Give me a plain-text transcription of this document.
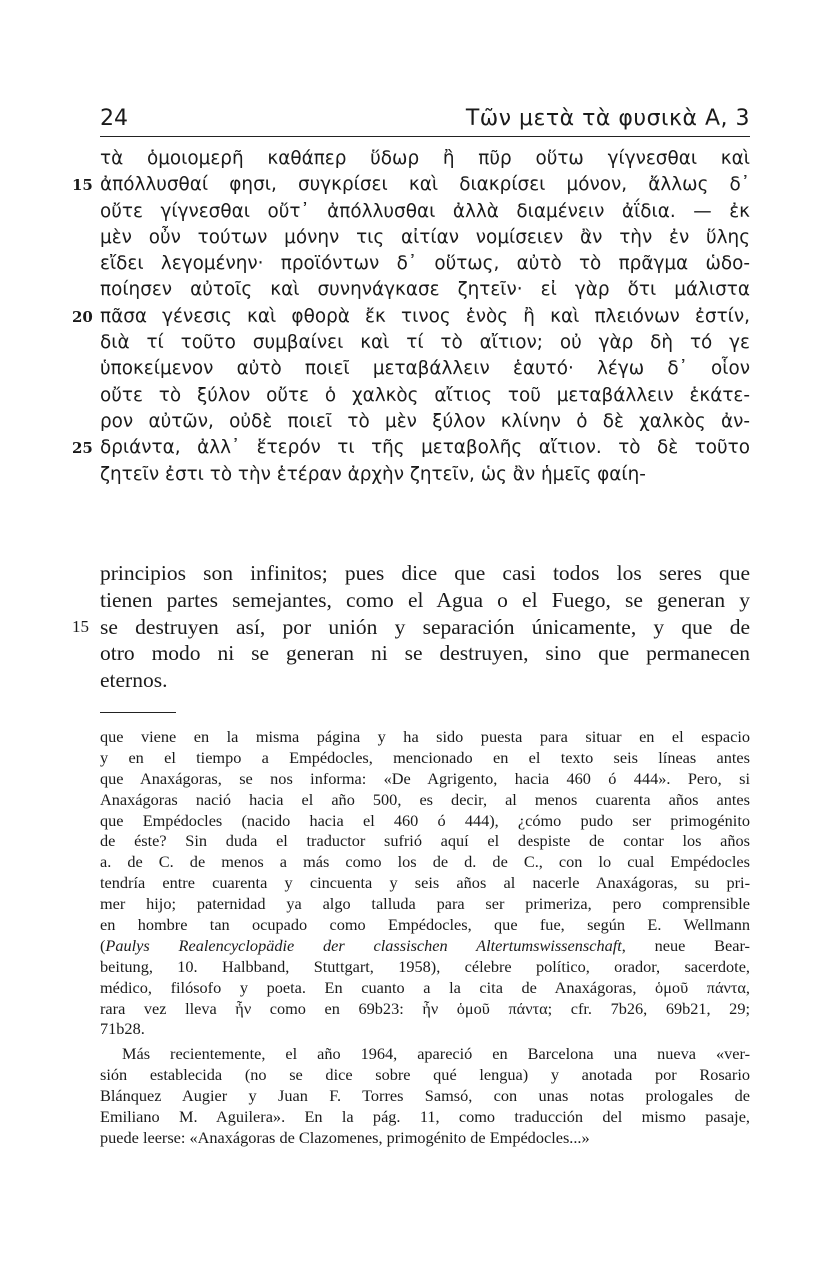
24	Τῶν μετὰ τὰ φυσικὰ Α, 3
τὰ ὁμοιομερῆ καθάπερ ὕδωρ ἢ πῦρ οὕτω γίγνεσθαι καὶ
15 ἀπόλλυσθαί φησι, συγκρίσει καὶ διακρίσει μόνον, ἄλλως δ᾽
οὔτε γίγνεσθαι οὔτ᾽ ἀπόλλυσθαι ἀλλὰ διαμένειν ἀΐδια. — ἐκ
μὲν οὖν τούτων μόνην τις αἰτίαν νομίσειεν ἂν τὴν ἐν ὕλης
εἴδει λεγομένην· προϊόντων δ᾽ οὕτως, αὐτὸ τὸ πρᾶγμα ὡδο-
ποίησεν αὐτοῖς καὶ συνηνάγκασε ζητεῖν· εἰ γὰρ ὅτι μάλιστα
20 πᾶσα γένεσις καὶ φθορὰ ἔκ τινος ἑνὸς ἢ καὶ πλειόνων ἐστίν,
διὰ τί τοῦτο συμβαίνει καὶ τί τὸ αἴτιον; οὐ γὰρ δὴ τό γε
ὑποκείμενον αὐτὸ ποιεῖ μεταβάλλειν ἑαυτό· λέγω δ᾽ οἷον
οὔτε τὸ ξύλον οὔτε ὁ χαλκὸς αἴτιος τοῦ μεταβάλλειν ἑκάτε-
ρον αὐτῶν, οὐδὲ ποιεῖ τὸ μὲν ξύλον κλίνην ὁ δὲ χαλκὸς ἀν-
25 δριάντα, ἀλλ᾽ ἕτερόν τι τῆς μεταβολῆς αἴτιον. τὸ δὲ τοῦτο
ζητεῖν ἐστι τὸ τὴν ἑτέραν ἀρχὴν ζητεῖν, ὡς ἂν ἡμεῖς φαίη-
principios son infinitos; pues dice que casi todos los seres que
tienen partes semejantes, como el Agua o el Fuego, se generan y
15 se destruyen así, por unión y separación únicamente, y que de
otro modo ni se generan ni se destruyen, sino que permanecen
eternos.
que viene en la misma página y ha sido puesta para situar en el espacio
y en el tiempo a Empédocles, mencionado en el texto seis líneas antes
que Anaxágoras, se nos informa: «De Agrigento, hacia 460 ó 444». Pero, si
Anaxágoras nació hacia el año 500, es decir, al menos cuarenta años antes
que Empédocles (nacido hacia el 460 ó 444), ¿cómo pudo ser primogénito
de éste? Sin duda el traductor sufrió aquí el despiste de contar los años
a. de C. de menos a más como los de d. de C., con lo cual Empédocles
tendría entre cuarenta y cincuenta y seis años al nacerle Anaxágoras, su pri-
mer hijo; paternidad ya algo talluda para ser primeriza, pero comprensible
en hombre tan ocupado como Empédocles, que fue, según E. Wellmann
(Paulys Realencyclopädie der classischen Altertumswissenschaft, neue Bear-
beitung, 10. Halbband, Stuttgart, 1958), célebre político, orador, sacerdote,
médico, filósofo y poeta. En cuanto a la cita de Anaxágoras, ὁμοῦ πάντα,
rara vez lleva ἦν como en 69b23: ἦν ὁμοῦ πάντα; cfr. 7b26, 69b21, 29;
71b28.
Más recientemente, el año 1964, apareció en Barcelona una nueva «ver-
sión establecida (no se dice sobre qué lengua) y anotada por Rosario
Blánquez Augier y Juan F. Torres Samsó, con unas notas prologales de
Emiliano M. Aguilera». En la pág. 11, como traducción del mismo pasaje,
puede leerse: «Anaxágoras de Clazomenes, primogénito de Empédocles...»
